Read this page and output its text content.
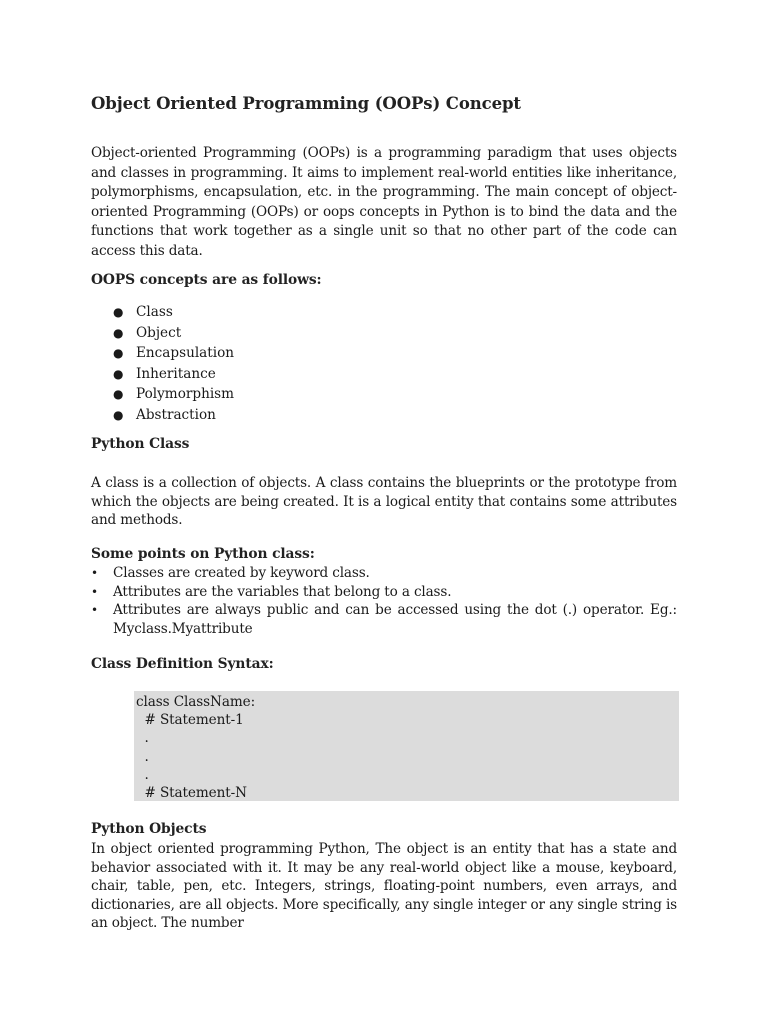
Object Oriented Programming (OOPs) Concept

Object-oriented Programming (OOPs) is a programming paradigm that uses objects and classes in programming. It aims to implement real-world entities like inheritance, polymorphisms, encapsulation, etc. in the programming. The main concept of object-oriented Programming (OOPs) or oops concepts in Python is to bind the data and the functions that work together as a single unit so that no other part of the code can access this data.

OOPS concepts are as follows:
● Class
● Object
● Encapsulation
● Inheritance
● Polymorphism
● Abstraction
Python Class

A class is a collection of objects. A class contains the blueprints or the prototype from which the objects are being created. It is a logical entity that contains some attributes and methods.

Some points on Python class:
• Classes are created by keyword class.
• Attributes are the variables that belong to a class.
• Attributes are always public and can be accessed using the dot (.) operator. Eg.: Myclass.Myattribute
Class Definition Syntax:
class ClassName:
# Statement-1
.
.
.
# Statement-N
Python Objects

In object oriented programming Python, The object is an entity that has a state and behavior associated with it. It may be any real-world object like a mouse, keyboard, chair, table, pen, etc. Integers, strings, floating-point numbers, even arrays, and dictionaries, are all objects. More specifically, any single integer or any single string is an object. The number
